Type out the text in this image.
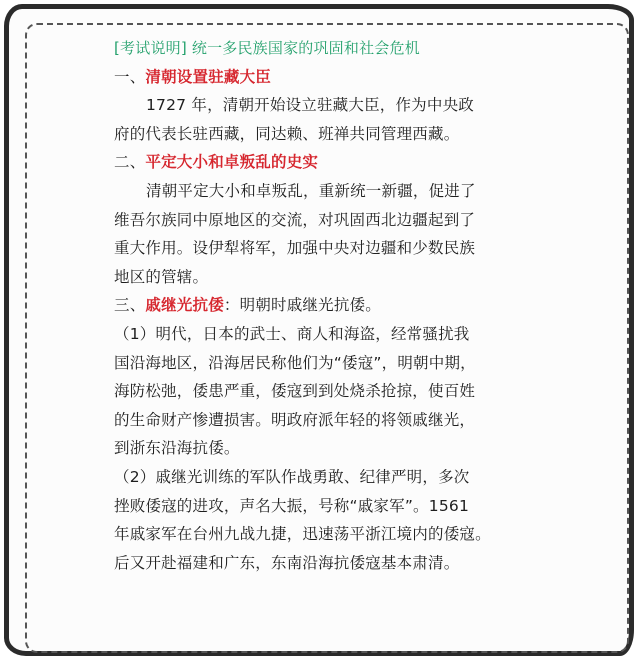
[考试说明] 统一多民族国家的巩固和社会危机
一、清朝设置驻藏大臣
1727 年，清朝开始设立驻藏大臣，作为中央政
府的代表长驻西藏，同达赖、班禅共同管理西藏。
二、平定大小和卓叛乱的史实
清朝平定大小和卓叛乱，重新统一新疆，促进了
维吾尔族同中原地区的交流，对巩固西北边疆起到了
重大作用。设伊犁将军，加强中央对边疆和少数民族
地区的管辖。
三、戚继光抗倭：明朝时戚继光抗倭。
（1）明代，日本的武士、商人和海盗，经常骚扰我
国沿海地区，沿海居民称他们为“倭寇”，明朝中期，
海防松弛，倭患严重，倭寇到到处烧杀抢掠，使百姓
的生命财产惨遭损害。明政府派年轻的将领戚继光，
到浙东沿海抗倭。
（2）戚继光训练的军队作战勇敢、纪律严明，多次
挫败倭寇的进攻，声名大振，号称“戚家军”。1561
年戚家军在台州九战九捷，迅速荡平浙江境内的倭寇。
后又开赴福建和广东，东南沿海抗倭寇基本肃清。
